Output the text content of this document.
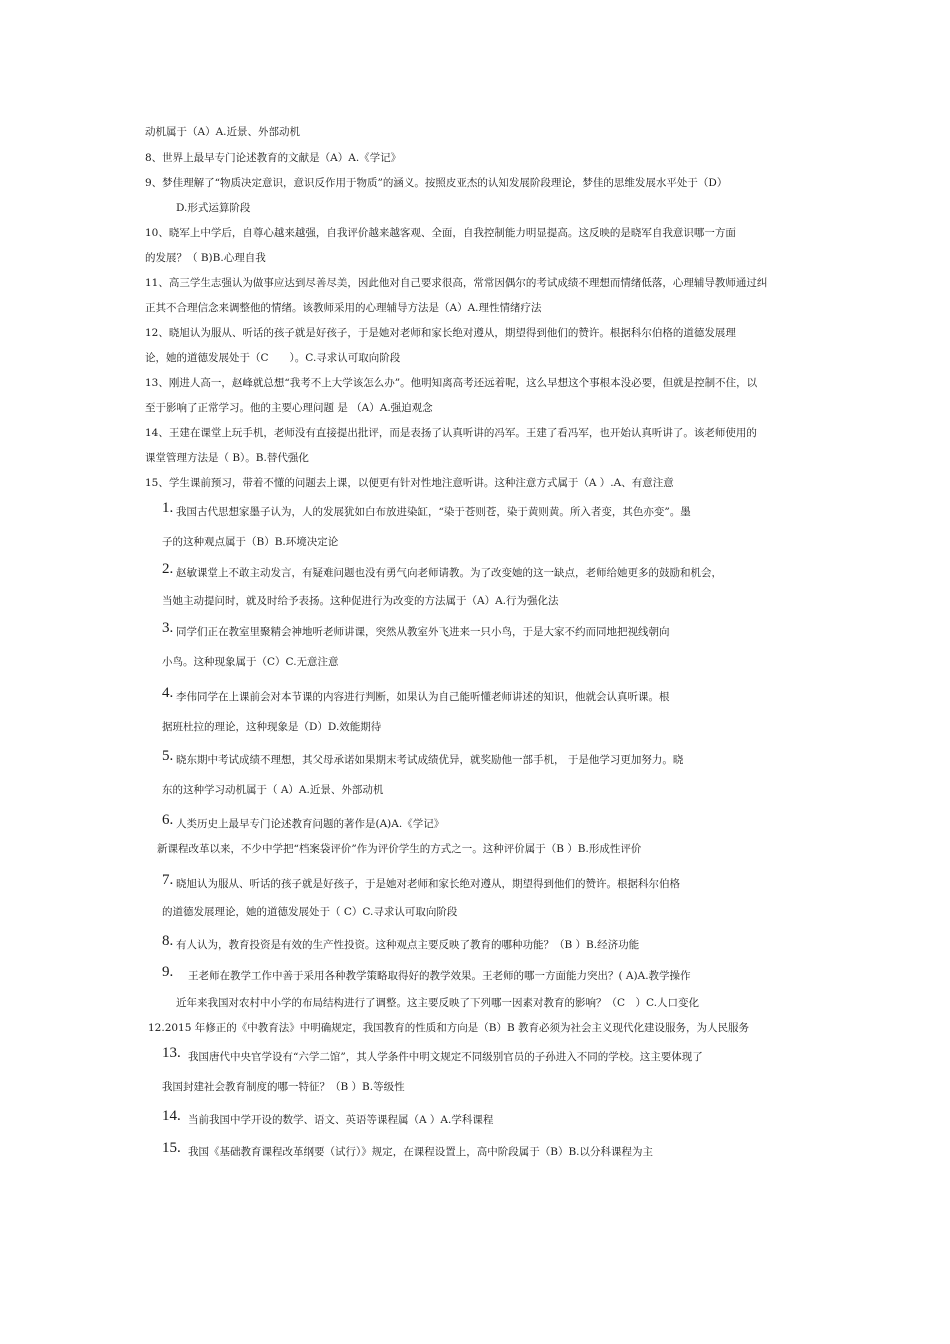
动机属于（A）A.近景、外部动机
8、世界上最早专门论述教育的文献是（A）A.《学记》
9、梦佳理解了“物质决定意识，意识反作用于物质”的涵义。按照皮亚杰的认知发展阶段理论，梦佳的思维发展水平处于（D）
D.形式运算阶段
10、晓军上中学后，自尊心越来越强，自我评价越来越客观、全面，自我控制能力明显提高。这反映的是晓军自我意识哪一方面
的发展？（ B)B.心理自我
11、高三学生志强认为做事应达到尽善尽美，因此他对自己要求很高，常常因偶尔的考试成绩不理想而情绪低落，心理辅导教师通过纠
正其不合理信念来调整他的情绪。该教师采用的心理辅导方法是（A）A.理性情绪疗法
12、晓旭认为服从、听话的孩子就是好孩子，于是她对老师和家长绝对遵从，期望得到他们的赞许。根据科尔伯格的道德发展理
论，她的道德发展处于（C　　）。C.寻求认可取向阶段
13、刚进人高一，赵峰就总想“我考不上大学该怎么办”。他明知离高考还远着呢，这么早想这个事根本没必要，但就是控制不住，以
至于影响了正常学习。他的主要心理问题 是 （A）A.强迫观念
14、王建在课堂上玩手机，老师没有直接提出批评，而是表扬了认真听讲的冯军。王建了看冯军，也开始认真听讲了。该老师使用的
课堂管理方法是（ B）。B.替代强化
15、学生课前预习，带着不懂的问题去上课，以便更有针对性地注意听讲。这种注意方式属于（A ）.A、有意注意
1. 我国古代思想家墨子认为，人的发展犹如白布放进染缸，“染于苍则苍，染于黄则黄。所入者变，其色亦变”。墨
子的这种观点属于（B）B.环境决定论
2. 赵敏课堂上不敢主动发言，有疑难问题也没有勇气向老师请教。为了改变她的这一缺点，老师给她更多的鼓励和机会，
当她主动提问时，就及时给予表扬。这种促进行为改变的方法属于（A）A.行为强化法
3. 同学们正在教室里聚精会神地听老师讲课，突然从教室外飞进来一只小鸟，于是大家不约而同地把视线朝向
小鸟。这种现象属于（C）C.无意注意
4. 李伟同学在上课前会对本节课的内容进行判断，如果认为自己能听懂老师讲述的知识，他就会认真听课。根
据班杜拉的理论，这种现象是（D）D.效能期待
5. 晓东期中考试成绩不理想，其父母承诺如果期末考试成绩优异，就奖励他一部手机， 于是他学习更加努力。晓
东的这种学习动机属于（ A）A.近景、外部动机
6. 人类历史上最早专门论述教育问题的著作是(A)A.《学记》
新课程改革以来，不少中学把“档案袋评价”作为评价学生的方式之一。这种评价属于（B ）B.形成性评价
7. 晓旭认为服从、听话的孩子就是好孩子，于是她对老师和家长绝对遵从，期望得到他们的赞许。根据科尔伯格
的道德发展理论，她的道德发展处于（ C）C.寻求认可取向阶段
8. 有人认为，教育投资是有效的生产性投资。这种观点主要反映了教育的哪种功能？（B ）B.经济功能
9. 王老师在教学工作中善于采用各种教学策略取得好的教学效果。王老师的哪一方面能力突出？( A)A.教学操作
近年来我国对农村中小学的布局结构进行了调整。这主要反映了下列哪一因素对教育的影响？（C　）C.人口变化
12.2015 年修正的《中教育法》中明确规定，我国教育的性质和方向是（B）B 教育必须为社会主义现代化建设服务，为人民服务
13. 我国唐代中央官学设有“六学二馆”，其人学条件中明文规定不同级别官员的子孙进入不同的学校。这主要体现了
我国封建社会教育制度的哪一特征？（B ）B.等级性
14. 当前我国中学开设的数学、语文、英语等课程属（A ）A.学科课程
15. 我国《基础教育课程改革纲要（试行）》规定，在课程设置上，高中阶段属于（B）B.以分科课程为主
